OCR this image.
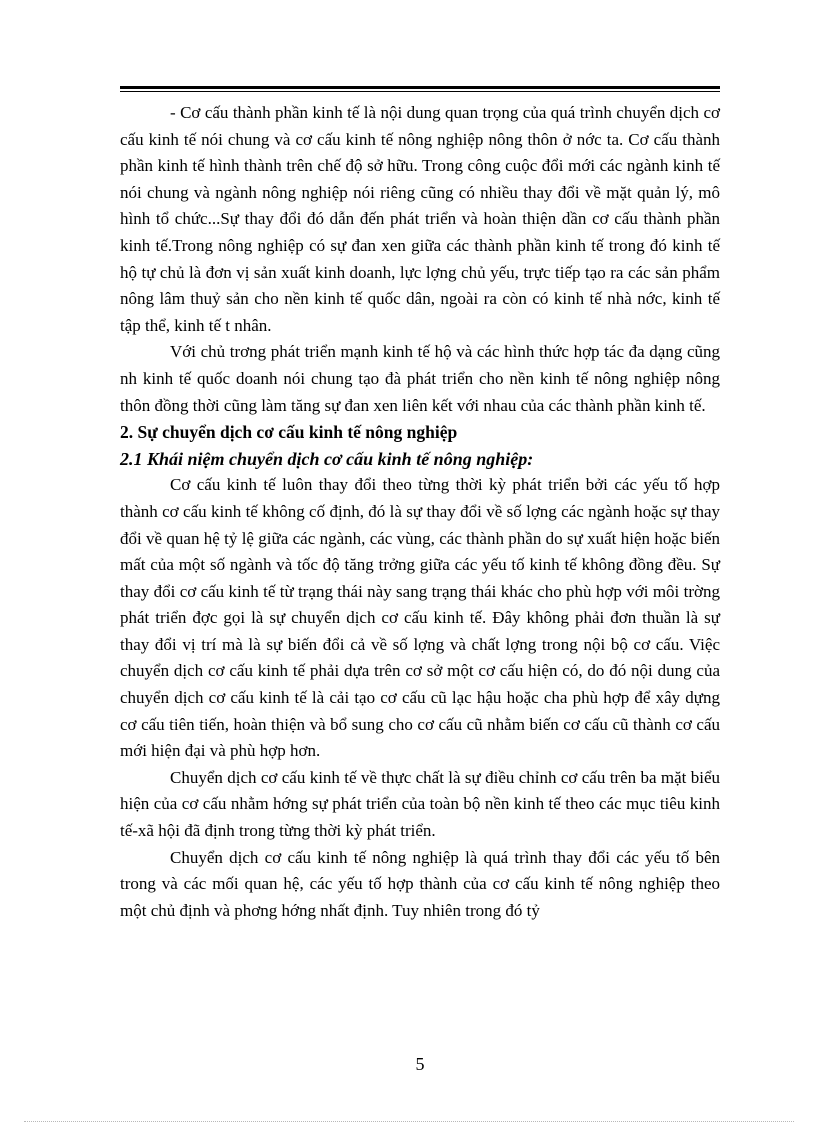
- Cơ cấu thành phần kinh tế là nội dung quan trọng của quá trình chuyển dịch cơ cấu kinh tế nói chung và cơ cấu kinh tế nông nghiệp nông thôn ở nớc ta. Cơ cấu thành phần kinh tế hình thành trên chế độ sở hữu. Trong công cuộc đổi mới các ngành kinh tế nói chung và ngành nông nghiệp nói riêng cũng có nhiều thay đổi về mặt quản lý, mô hình tổ chức...Sự thay đổi đó dẫn đến phát triển và hoàn thiện dần cơ cấu thành phần kinh tế.Trong nông nghiệp có sự đan xen giữa các thành phần kinh tế trong đó kinh tế hộ tự chủ là đơn vị sản xuất kinh doanh, lực lợng chủ yếu, trực tiếp tạo ra các sản phẩm nông lâm thuỷ sản cho nền kinh tế quốc dân, ngoài ra còn có kinh tế nhà nớc, kinh tế tập thể, kinh tế t nhân.

Với chủ trơng phát triển mạnh kinh tế hộ và các hình thức hợp tác đa dạng cũng nh kinh tế quốc doanh nói chung tạo đà phát triển cho nền kinh tế nông nghiệp nông thôn đồng thời cũng làm tăng sự đan xen liên kết với nhau của các thành phần kinh tế.

2. Sự chuyển dịch cơ cấu kinh tế nông nghiệp

2.1 Khái niệm chuyển dịch cơ cấu kinh tế nông nghiệp:

Cơ cấu kinh tế luôn thay đổi theo từng thời kỳ phát triển bởi các yếu tố hợp thành cơ cấu kinh tế không cố định, đó là sự thay đổi về số lợng các ngành hoặc sự thay đổi về quan hệ tỷ lệ giữa các ngành, các vùng, các thành phần do sự xuất hiện hoặc biến mất của một số ngành và tốc độ tăng trởng giữa các yếu tố kinh tế không đồng đều. Sự thay đổi cơ cấu kinh tế từ trạng thái này sang trạng thái khác cho phù hợp với môi trờng phát triển đợc gọi là sự chuyển dịch cơ cấu kinh tế. Đây không phải đơn thuần là sự thay đổi vị trí mà là sự biến đổi cả về số lợng và chất lợng trong nội bộ cơ cấu. Việc chuyển dịch cơ cấu kinh tế phải dựa trên cơ sở một cơ cấu hiện có, do đó nội dung của chuyển dịch cơ cấu kinh tế là cải tạo cơ cấu cũ lạc hậu hoặc cha phù hợp để xây dựng cơ cấu tiên tiến, hoàn thiện và bổ sung cho cơ cấu cũ nhằm biến cơ cấu cũ thành cơ cấu mới hiện đại và phù hợp hơn.

Chuyển dịch cơ cấu kinh tế về thực chất là sự điều chỉnh cơ cấu trên ba mặt biểu hiện của cơ cấu nhằm hớng sự phát triển của toàn bộ nền kinh tế theo các mục tiêu kinh tế-xã hội đã định trong từng thời kỳ phát triển.

Chuyển dịch cơ cấu kinh tế nông nghiệp là quá trình thay đổi các yếu tố bên trong và các mối quan hệ, các yếu tố hợp thành của cơ cấu kinh tế nông nghiệp theo một chủ định và phơng hớng nhất định. Tuy nhiên trong đó tỷ

5
